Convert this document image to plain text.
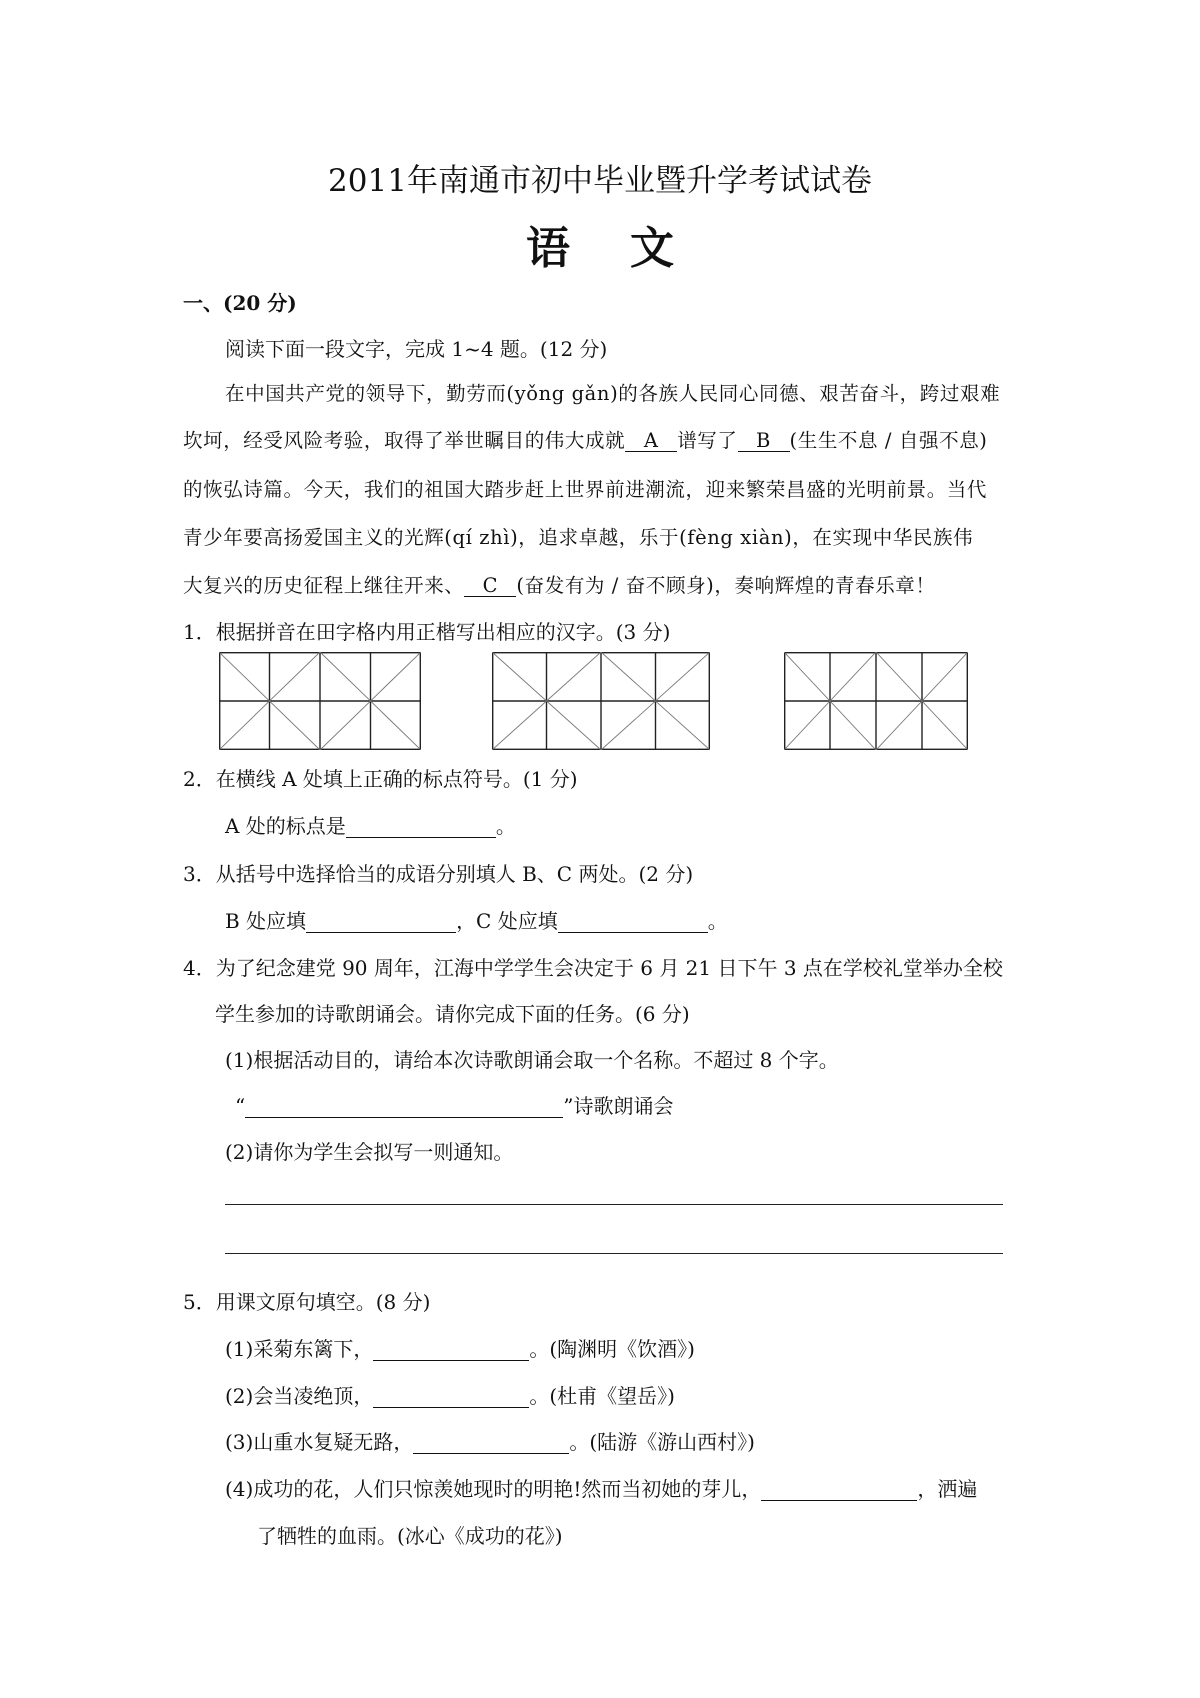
2011年南通市初中毕业暨升学考试试卷
语文
一、(20 分)
阅读下面一段文字，完成 1~4 题。(12 分)
在中国共产党的领导下，勤劳而(yǒng gǎn)的各族人民同心同德、艰苦奋斗，跨过艰难
坎坷，经受风险考验，取得了举世瞩目的伟大成就 A 谱写了 B (生生不息 / 自强不息)
的恢弘诗篇。今天，我们的祖国大踏步赶上世界前进潮流，迎来繁荣昌盛的光明前景。当代
青少年要高扬爱国主义的光辉(qí zhì)，追求卓越，乐于(fèng xiàn)，在实现中华民族伟
大复兴的历史征程上继往开来、 C (奋发有为 / 奋不顾身)，奏响辉煌的青春乐章！
1．根据拼音在田字格内用正楷写出相应的汉字。(3 分)
2．在横线 A 处填上正确的标点符号。(1 分)
A 处的标点是	。
3．从括号中选择恰当的成语分别填人 B、C 两处。(2 分)
B 处应填	，C 处应填	。
4．为了纪念建党 90 周年，江海中学学生会决定于 6 月 21 日下午 3 点在学校礼堂举办全校
学生参加的诗歌朗诵会。请你完成下面的任务。(6 分)
(1)根据活动目的，请给本次诗歌朗诵会取一个名称。不超过 8 个字。
“	”诗歌朗诵会
(2)请你为学生会拟写一则通知。
5．用课文原句填空。(8 分)
(1)采菊东篱下，	。(陶渊明《饮酒》)
(2)会当凌绝顶，	。(杜甫《望岳》)
(3)山重水复疑无路，	。(陆游《游山西村》)
(4)成功的花，人们只惊羡她现时的明艳!然而当初她的芽儿，	，洒遍
了牺牲的血雨。(冰心《成功的花》)
